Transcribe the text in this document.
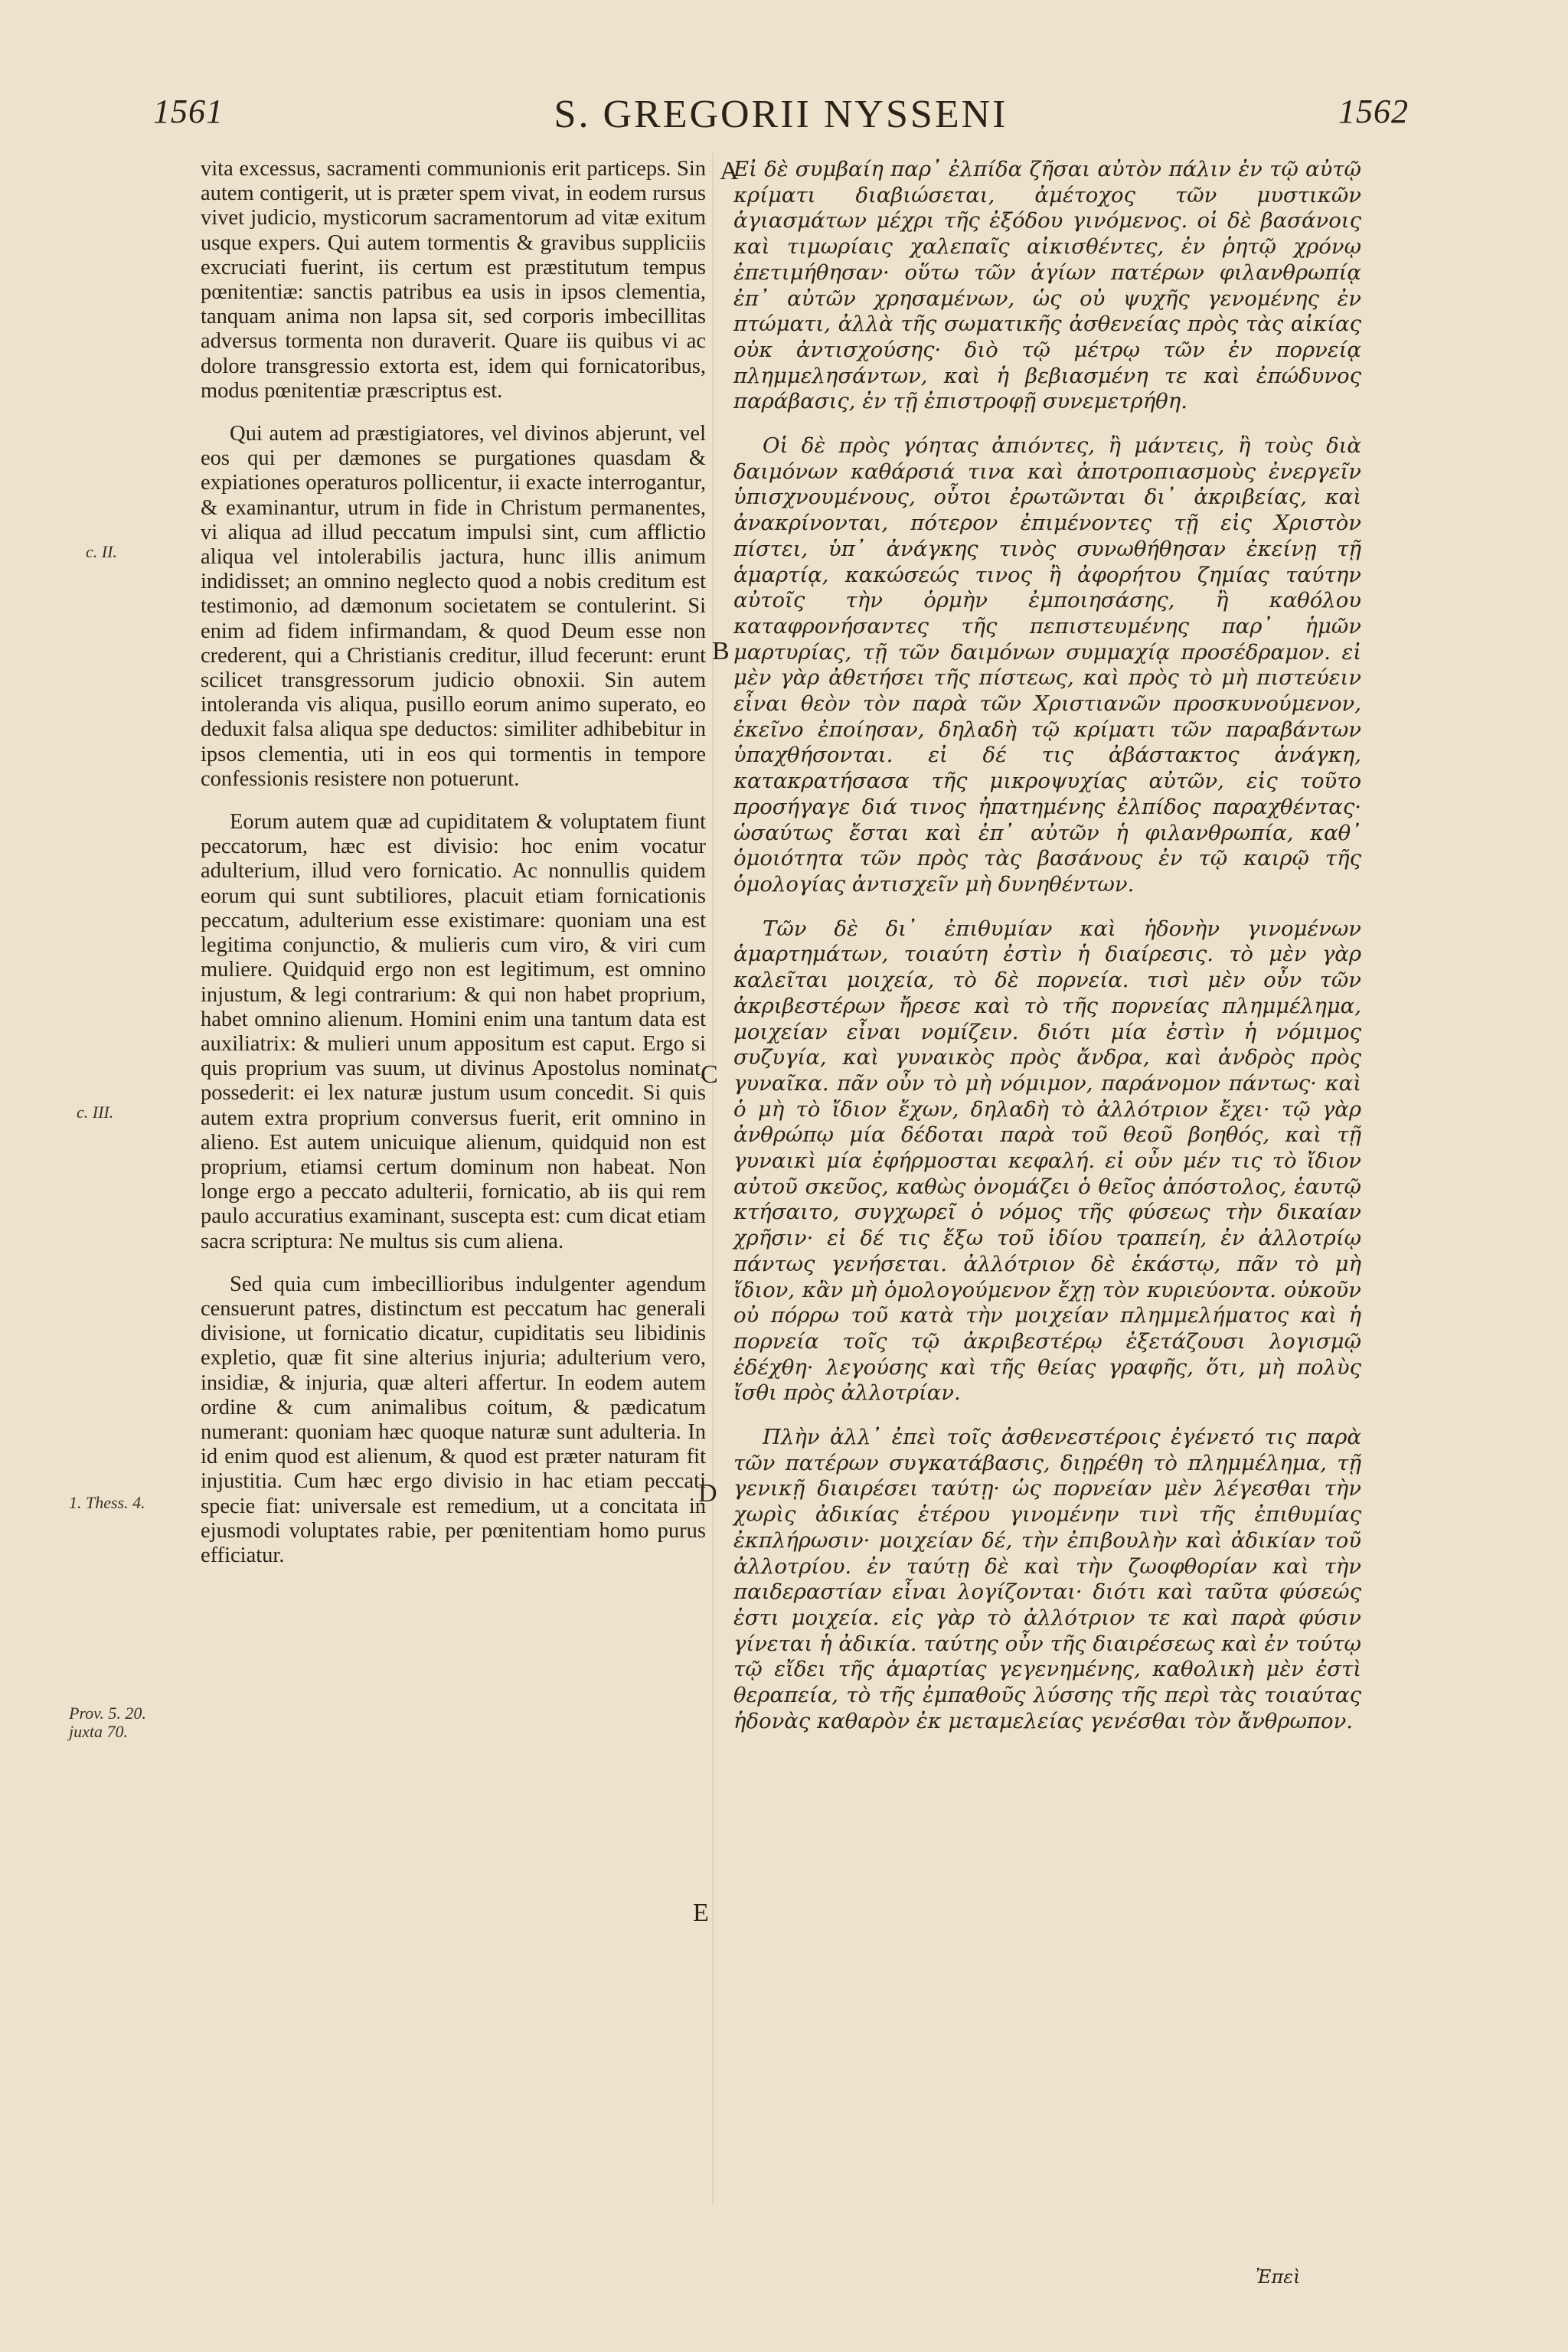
1561	S. GREGORII NYSSENI	1562

vita excessus, sacramenti communionis erit particeps. Sin autem contigerit, ut is præter spem vivat, in eodem rursus vivet judicio, mysticorum sacramentorum ad vitæ exitum usque expers. Qui autem tormentis & gravibus suppliciis excruciati fuerint, iis certum est præstitutum tempus pœnitentiæ: sanctis patribus ea usis in ipsos clementia, tanquam anima non lapsa sit, sed corporis imbecillitas adversus tormenta non duraverit. Quare iis quibus vi ac dolore transgressio extorta est, idem qui fornicatoribus, modus pœnitentiæ præscriptus est.

Qui autem ad præstigiatores, vel divinos abjerunt, vel eos qui per dæmones se purgationes quasdam & expiationes operaturos pollicentur, ii exacte interrogantur, & examinantur, utrum in fide in Christum permanentes, vi aliqua ad illud peccatum impulsi sint, cum afflictio aliqua vel intolerabilis jactura, hunc illis animum indidisset; an omnino neglecto quod a nobis creditum est testimonio, ad dæmonum societatem se contulerint. Si enim ad fidem infirmandam, & quod Deum esse non crederent, qui a Christianis creditur, illud fecerunt: erunt scilicet transgressorum judicio obnoxii. Sin autem intoleranda vis aliqua, pusillo eorum animo superato, eo deduxit falsa aliqua spe deductos: similiter adhibebitur in ipsos clementia, uti in eos qui tormentis in tempore confessionis resistere non potuerunt.

Eorum autem quæ ad cupiditatem & voluptatem fiunt peccatorum, hæc est divisio: hoc enim vocatur adulterium, illud vero fornicatio. Ac nonnullis quidem eorum qui sunt subtiliores, placuit etiam fornicationis peccatum, adulterium esse existimare: quoniam una est legitima conjunctio, & mulieris cum viro, & viri cum muliere. Quidquid ergo non est legitimum, est omnino injustum, & legi contrarium: & qui non habet proprium, habet omnino alienum. Homini enim una tantum data est auxiliatrix: & mulieri unum appositum est caput. Ergo si quis proprium vas suum, ut divinus Apostolus nominat, possederit: ei lex naturæ justum usum concedit. Si quis autem extra proprium conversus fuerit, erit omnino in alieno. Est autem unicuique alienum, quidquid non est proprium, etiamsi certum dominum non habeat. Non longe ergo a peccato adulterii, fornicatio, ab iis qui rem paulo accuratius examinant, suscepta est: cum dicat etiam sacra scriptura: Ne multus sis cum aliena.

Sed quia cum imbecillioribus indulgenter agendum censuerunt patres, distinctum est peccatum hac generali divisione, ut fornicatio dicatur, cupiditatis seu libidinis expletio, quæ fit sine alterius injuria; adulterium vero, insidiæ, & injuria, quæ alteri affertur. In eodem autem ordine & cum animalibus coitum, & pædicatum numerant: quoniam hæc quoque naturæ sunt adulteria. In id enim quod est alienum, & quod est præter naturam fit injustitia. Cum hæc ergo divisio in hac etiam peccati specie fiat: universale est remedium, ut a concitata in ejusmodi voluptates rabie, per pœnitentiam homo purus efficiatur.

Εἰ δὲ συμβαίη παρ᾽ ἐλπίδα ζῆσαι αὐτὸν πάλιν ἐν τῷ αὐτῷ κρίματι διαβιώσεται, ἀμέτοχος τῶν μυστικῶν ἁγιασμάτων μέχρι τῆς ἐξόδου γινόμενος. οἱ δὲ βασάνοις καὶ τιμωρίαις χαλεπαῖς αἰκισθέντες, ἐν ῥητῷ χρόνῳ ἐπετιμήθησαν· οὕτω τῶν ἁγίων πατέρων φιλανθρωπίᾳ ἐπ᾽ αὐτῶν χρησαμένων, ὡς οὐ ψυχῆς γενομένης ἐν πτώματι, ἀλλὰ τῆς σωματικῆς ἀσθενείας πρὸς τὰς αἰκίας οὐκ ἀντισχούσης· διὸ τῷ μέτρῳ τῶν ἐν πορνείᾳ πλημμελησάντων, καὶ ἡ βεβιασμένη τε καὶ ἐπώδυνος παράβασις, ἐν τῇ ἐπιστροφῇ συνεμετρήθη.

Οἱ δὲ πρὸς γόητας ἀπιόντες, ἢ μάντεις, ἢ τοὺς διὰ δαιμόνων καθάρσιά τινα καὶ ἀποτροπιασμοὺς ἐνεργεῖν ὑπισχνουμένους, οὗτοι ἐρωτῶνται δι᾽ ἀκριβείας, καὶ ἀνακρίνονται, πότερον ἐπιμένοντες τῇ εἰς Χριστὸν πίστει, ὑπ᾽ ἀνάγκης τινὸς συνωθήθησαν ἐκείνῃ τῇ ἁμαρτίᾳ, κακώσεώς τινος ἢ ἀφορήτου ζημίας ταύτην αὐτοῖς τὴν ὁρμὴν ἐμποιησάσης, ἢ καθόλου καταφρονήσαντες τῆς πεπιστευμένης παρ᾽ ἡμῶν μαρτυρίας, τῇ τῶν δαιμόνων συμμαχίᾳ προσέδραμον. εἰ μὲν γὰρ ἀθετήσει τῆς πίστεως, καὶ πρὸς τὸ μὴ πιστεύειν εἶναι θεὸν τὸν παρὰ τῶν Χριστιανῶν προσκυνούμενον, ἐκεῖνο ἐποίησαν, δηλαδὴ τῷ κρίματι τῶν παραβάντων ὑπαχθήσονται. εἰ δέ τις ἀβάστακτος ἀνάγκη, κατακρατήσασα τῆς μικροψυχίας αὐτῶν, εἰς τοῦτο προσήγαγε διά τινος ἠπατημένης ἐλπίδος παραχθέντας· ὡσαύτως ἔσται καὶ ἐπ᾽ αὐτῶν ἡ φιλανθρωπία, καθ᾽ ὁμοιότητα τῶν πρὸς τὰς βασάνους ἐν τῷ καιρῷ τῆς ὁμολογίας ἀντισχεῖν μὴ δυνηθέντων.

Τῶν δὲ δι᾽ ἐπιθυμίαν καὶ ἡδονὴν γινομένων ἁμαρτημάτων, τοιαύτη ἐστὶν ἡ διαίρεσις. τὸ μὲν γὰρ καλεῖται μοιχεία, τὸ δὲ πορνεία. τισὶ μὲν οὖν τῶν ἀκριβεστέρων ἤρεσε καὶ τὸ τῆς πορνείας πλημμέλημα, μοιχείαν εἶναι νομίζειν. διότι μία ἐστὶν ἡ νόμιμος συζυγία, καὶ γυναικὸς πρὸς ἄνδρα, καὶ ἀνδρὸς πρὸς γυναῖκα. πᾶν οὖν τὸ μὴ νόμιμον, παράνομον πάντως· καὶ ὁ μὴ τὸ ἴδιον ἔχων, δηλαδὴ τὸ ἀλλότριον ἔχει· τῷ γὰρ ἀνθρώπῳ μία δέδοται παρὰ τοῦ θεοῦ βοηθός, καὶ τῇ γυναικὶ μία ἐφήρμοσται κεφαλή. εἰ οὖν μέν τις τὸ ἴδιον αὐτοῦ σκεῦος, καθὼς ὀνομάζει ὁ θεῖος ἀπόστολος, ἑαυτῷ κτήσαιτο, συγχωρεῖ ὁ νόμος τῆς φύσεως τὴν δικαίαν χρῆσιν· εἰ δέ τις ἔξω τοῦ ἰδίου τραπείη, ἐν ἀλλοτρίῳ πάντως γενήσεται. ἀλλότριον δὲ ἑκάστῳ, πᾶν τὸ μὴ ἴδιον, κἂν μὴ ὁμολογούμενον ἔχῃ τὸν κυριεύοντα. οὐκοῦν οὐ πόρρω τοῦ κατὰ τὴν μοιχείαν πλημμελήματος καὶ ἡ πορνεία τοῖς τῷ ἀκριβεστέρῳ ἐξετάζουσι λογισμῷ ἐδέχθη· λεγούσης καὶ τῆς θείας γραφῆς, ὅτι, μὴ πολὺς ἴσθι πρὸς ἀλλοτρίαν.

Πλὴν ἀλλ᾽ ἐπεὶ τοῖς ἀσθενεστέροις ἐγένετό τις παρὰ τῶν πατέρων συγκατάβασις, διῃρέθη τὸ πλημμέλημα, τῇ γενικῇ διαιρέσει ταύτῃ· ὡς πορνείαν μὲν λέγεσθαι τὴν χωρὶς ἀδικίας ἑτέρου γινομένην τινὶ τῆς ἐπιθυμίας ἐκπλήρωσιν· μοιχείαν δέ, τὴν ἐπιβουλὴν καὶ ἀδικίαν τοῦ ἀλλοτρίου. ἐν ταύτῃ δὲ καὶ τὴν ζωοφθορίαν καὶ τὴν παιδεραστίαν εἶναι λογίζονται· διότι καὶ ταῦτα φύσεώς ἐστι μοιχεία. εἰς γὰρ τὸ ἀλλότριον τε καὶ παρὰ φύσιν γίνεται ἡ ἀδικία. ταύτης οὖν τῆς διαιρέσεως καὶ ἐν τούτῳ τῷ εἴδει τῆς ἁμαρτίας γεγενημένης, καθολικὴ μὲν ἐστὶ θεραπεία, τὸ τῆς ἐμπαθοῦς λύσσης τῆς περὶ τὰς τοιαύτας ἡδονὰς καθαρὸν ἐκ μεταμελείας γενέσθαι τὸν ἄνθρωπον.

c. II.
c. III.
1. Thess. 4.
Prov. 5. 20. juxta 70.
A
B
C
D
E
Ἐπεὶ
